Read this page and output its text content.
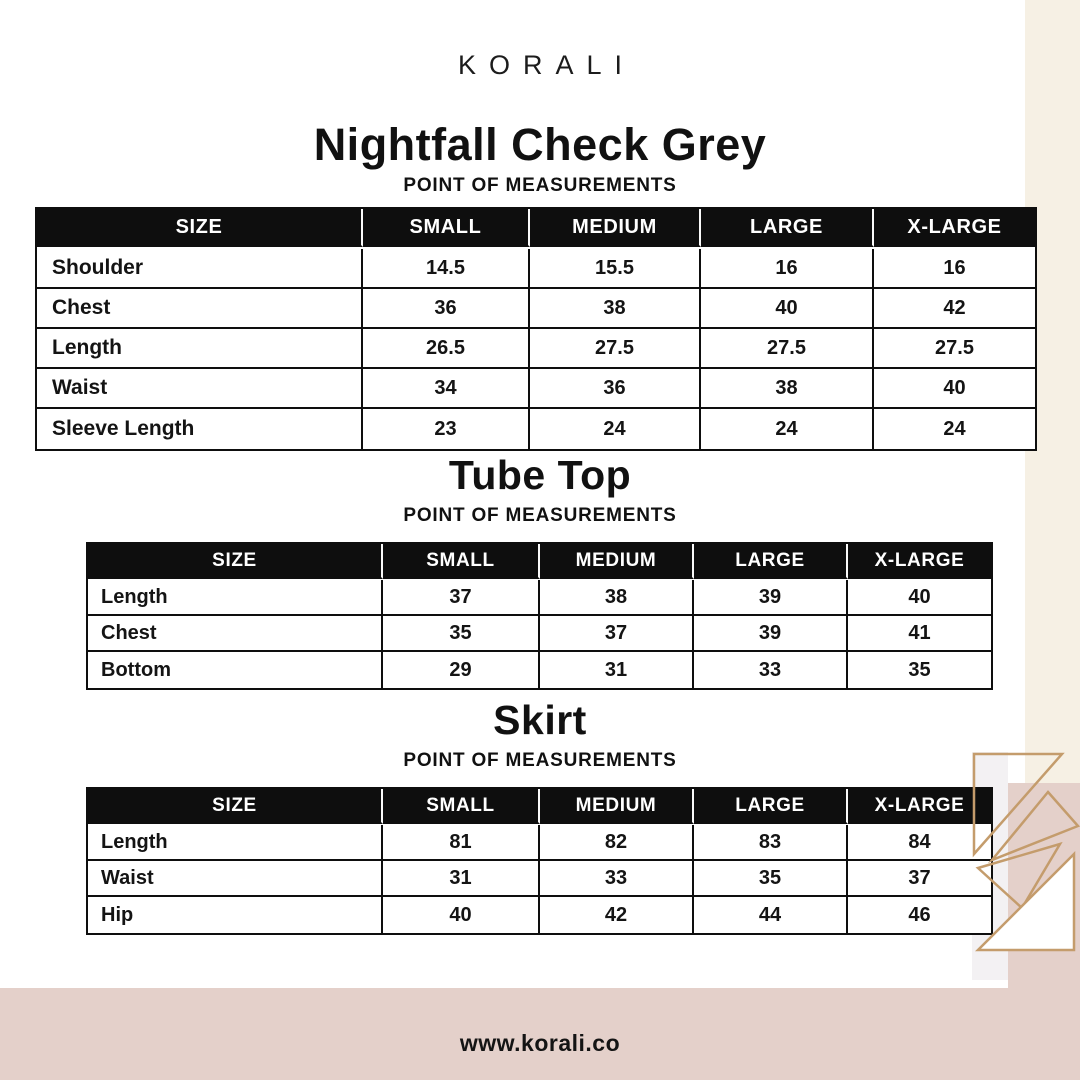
KORALI
Nightfall Check Grey
POINT OF MEASUREMENTS
SIZE	SMALL	MEDIUM	LARGE	X-LARGE
Shoulder	14.5	15.5	16	16
Chest	36	38	40	42
Length	26.5	27.5	27.5	27.5
Waist	34	36	38	40
Sleeve Length	23	24	24	24
Tube Top
POINT OF MEASUREMENTS
SIZE	SMALL	MEDIUM	LARGE	X-LARGE
Length	37	38	39	40
Chest	35	37	39	41
Bottom	29	31	33	35
Skirt
POINT OF MEASUREMENTS
SIZE	SMALL	MEDIUM	LARGE	X-LARGE
Length	81	82	83	84
Waist	31	33	35	37
Hip	40	42	44	46
www.korali.co
